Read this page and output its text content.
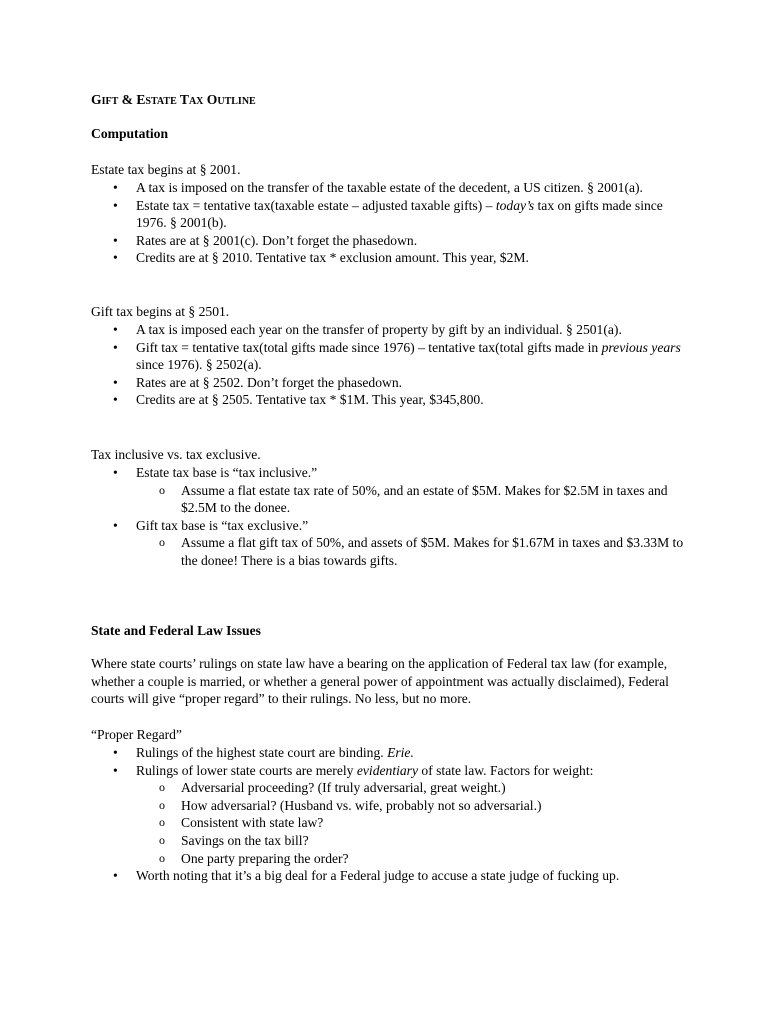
Gift & Estate Tax Outline
Computation
Estate tax begins at § 2001.
• A tax is imposed on the transfer of the taxable estate of the decedent, a US citizen. § 2001(a).
• Estate tax = tentative tax(taxable estate – adjusted taxable gifts) – today’s tax on gifts made since 1976. § 2001(b).
• Rates are at § 2001(c). Don’t forget the phasedown.
• Credits are at § 2010. Tentative tax * exclusion amount. This year, $2M.
Gift tax begins at § 2501.
• A tax is imposed each year on the transfer of property by gift by an individual. § 2501(a).
• Gift tax = tentative tax(total gifts made since 1976) – tentative tax(total gifts made in previous years since 1976). § 2502(a).
• Rates are at § 2502. Don’t forget the phasedown.
• Credits are at § 2505. Tentative tax * $1M. This year, $345,800.
Tax inclusive vs. tax exclusive.
• Estate tax base is “tax inclusive.”
o Assume a flat estate tax rate of 50%, and an estate of $5M. Makes for $2.5M in taxes and $2.5M to the donee.
• Gift tax base is “tax exclusive.”
o Assume a flat gift tax of 50%, and assets of $5M. Makes for $1.67M in taxes and $3.33M to the donee! There is a bias towards gifts.
State and Federal Law Issues
Where state courts’ rulings on state law have a bearing on the application of Federal tax law (for example, whether a couple is married, or whether a general power of appointment was actually disclaimed), Federal courts will give “proper regard” to their rulings. No less, but no more.
“Proper Regard”
• Rulings of the highest state court are binding. Erie.
• Rulings of lower state courts are merely evidentiary of state law. Factors for weight:
o Adversarial proceeding? (If truly adversarial, great weight.)
o How adversarial? (Husband vs. wife, probably not so adversarial.)
o Consistent with state law?
o Savings on the tax bill?
o One party preparing the order?
• Worth noting that it’s a big deal for a Federal judge to accuse a state judge of fucking up.
